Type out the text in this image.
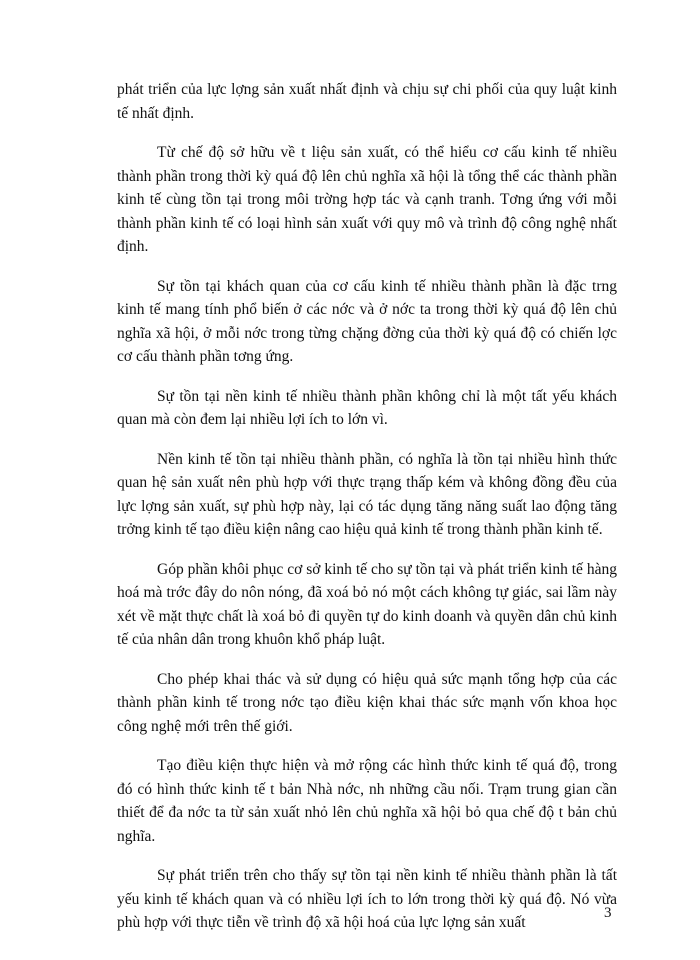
phát triển của lực lợng sản xuất nhất định và chịu sự chi phối của quy luật kinh tế nhất định.

Từ chế độ sở hữu về t liệu sản xuất, có thể hiểu cơ cấu kinh tế nhiều thành phần trong thời kỳ quá độ lên chủ nghĩa xã hội là tổng thể các thành phần kinh tế cùng tồn tại trong môi trờng hợp tác và cạnh tranh. Tơng ứng với mỗi thành phần kinh tế có loại hình sản xuất với quy mô và trình độ công nghệ nhất định.

Sự tồn tại khách quan của cơ cấu kinh tế nhiều thành phần là đặc trng kinh tế mang tính phổ biến ở các nớc và ở nớc ta trong thời kỳ quá độ lên chủ nghĩa xã hội, ở mỗi nớc trong từng chặng đờng của thời kỳ quá độ có chiến lợc cơ cấu thành phần tơng ứng.

Sự tồn tại nền kinh tế nhiều thành phần không chỉ là một tất yếu khách quan mà còn đem lại nhiều lợi ích to lớn vì.

Nền kinh tế tồn tại nhiều thành phần, có nghĩa là tồn tại nhiều hình thức quan hệ sản xuất nên phù hợp với thực trạng thấp kém và không đồng đều của lực lợng sản xuất, sự phù hợp này, lại có tác dụng tăng năng suất lao động tăng trởng kinh tế tạo điều kiện nâng cao hiệu quả kinh tế trong thành phần kinh tế.

Góp phần khôi phục cơ sở kinh tế cho sự tồn tại và phát triển kinh tế hàng hoá mà trớc đây do nôn nóng, đã xoá bỏ nó một cách không tự giác, sai lầm này xét về mặt thực chất là xoá bỏ đi quyền tự do kinh doanh và quyền dân chủ kinh tế của nhân dân trong khuôn khổ pháp luật.

Cho phép khai thác và sử dụng có hiệu quả sức mạnh tổng hợp của các thành phần kinh tế trong nớc tạo điều kiện khai thác sức mạnh vốn khoa học công nghệ mới trên thế giới.

Tạo điều kiện thực hiện và mở rộng các hình thức kinh tế quá độ, trong đó có hình thức kinh tế t bản Nhà nớc, nh những cầu nối. Trạm trung gian cần thiết để đa nớc ta từ sản xuất nhỏ lên chủ nghĩa xã hội bỏ qua chế độ t bản chủ nghĩa.

Sự phát triển trên cho thấy sự tồn tại nền kinh tế nhiều thành phần là tất yếu kinh tế khách quan và có nhiều lợi ích to lớn trong thời kỳ quá độ. Nó vừa phù hợp với thực tiễn về trình độ xã hội hoá của lực lợng sản xuất

3
